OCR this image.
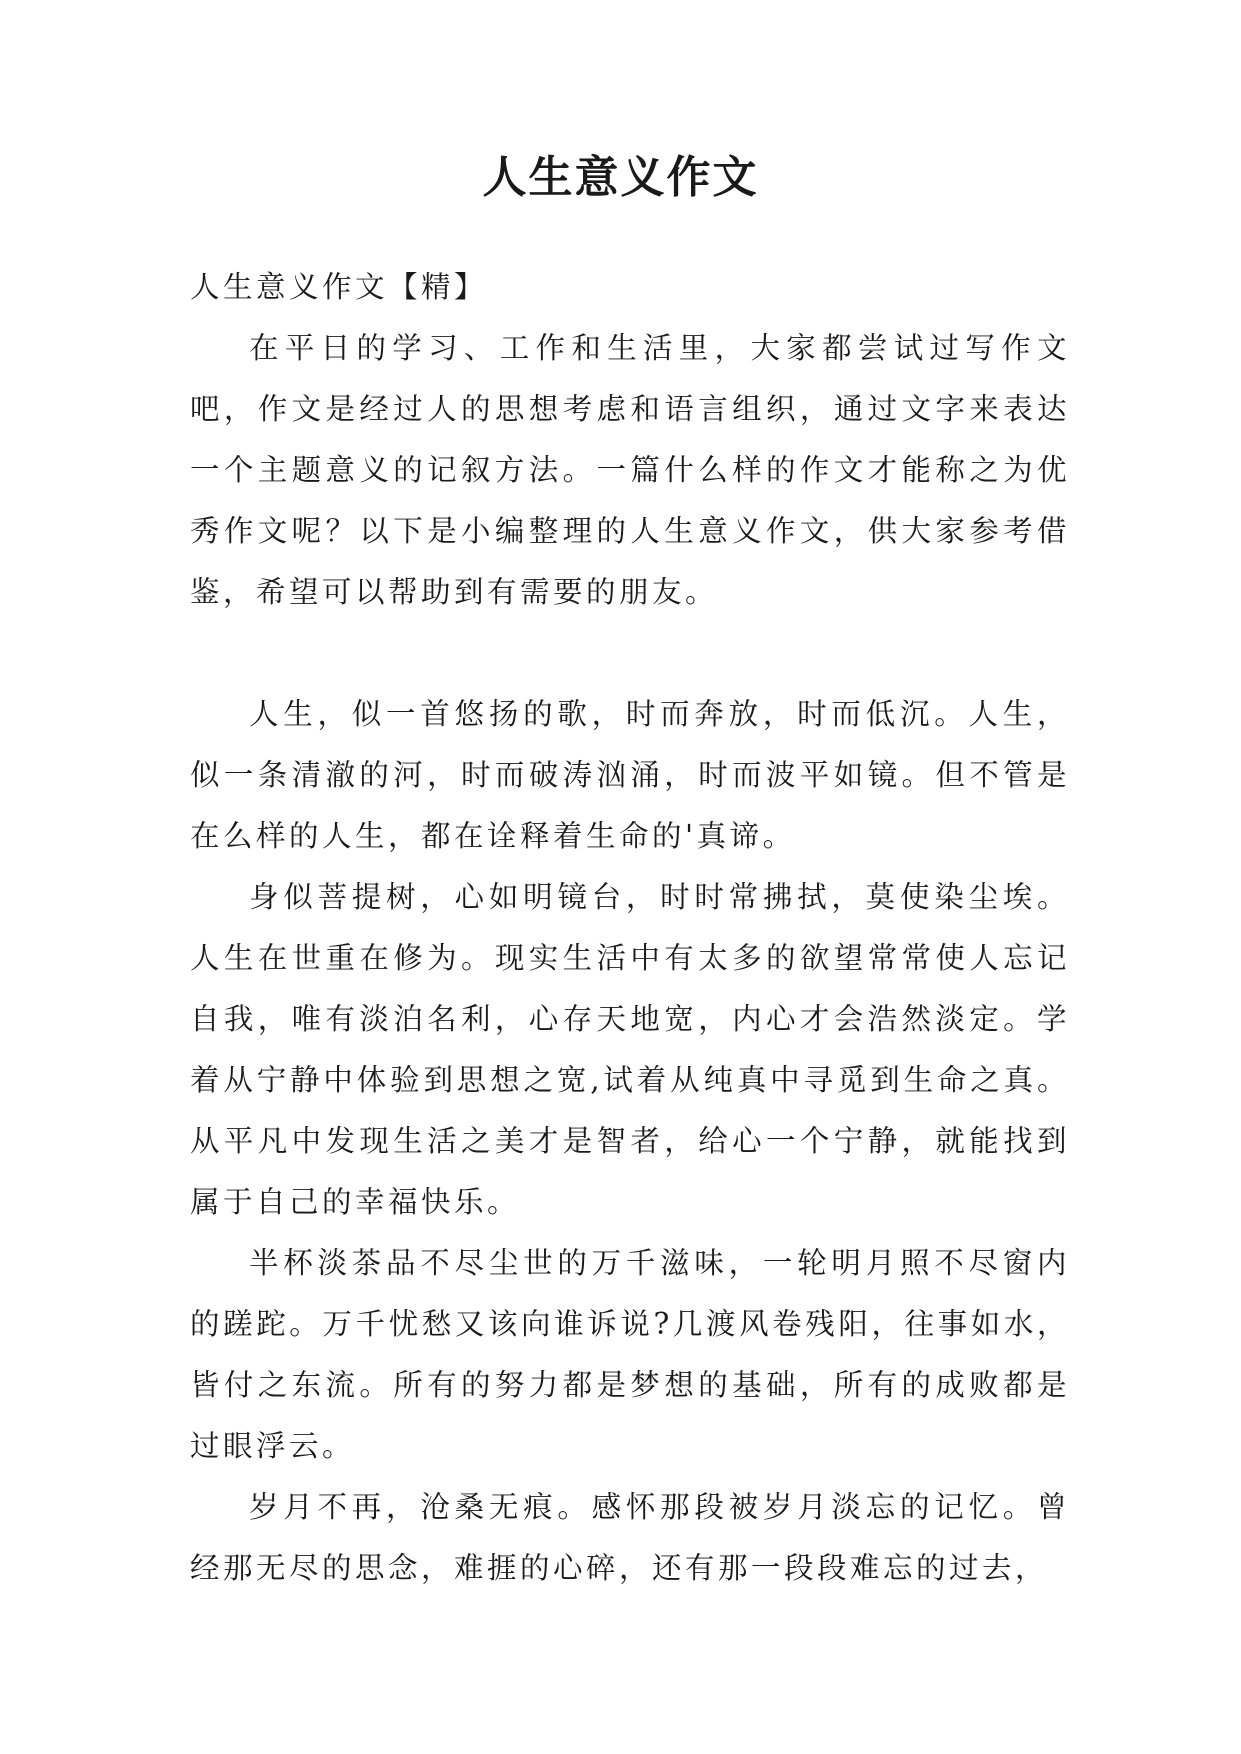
人生意义作文

人生意义作文【精】

在平日的学习、工作和生活里，大家都尝试过写作文吧，作文是经过人的思想考虑和语言组织，通过文字来表达一个主题意义的记叙方法。一篇什么样的作文才能称之为优秀作文呢？以下是小编整理的人生意义作文，供大家参考借鉴，希望可以帮助到有需要的朋友。

人生，似一首悠扬的歌，时而奔放，时而低沉。人生，似一条清澈的河，时而破涛汹涌，时而波平如镜。但不管是在么样的人生，都在诠释着生命的'真谛。

身似菩提树，心如明镜台，时时常拂拭，莫使染尘埃。人生在世重在修为。现实生活中有太多的欲望常常使人忘记自我，唯有淡泊名利，心存天地宽，内心才会浩然淡定。学着从宁静中体验到思想之宽,试着从纯真中寻觅到生命之真。从平凡中发现生活之美才是智者，给心一个宁静，就能找到属于自己的幸福快乐。

半杯淡茶品不尽尘世的万千滋味，一轮明月照不尽窗内的蹉跎。万千忧愁又该向谁诉说?几渡风卷残阳，往事如水，皆付之东流。所有的努力都是梦想的基础，所有的成败都是过眼浮云。

岁月不再，沧桑无痕。感怀那段被岁月淡忘的记忆。曾经那无尽的思念，难捱的心碎，还有那一段段难忘的过去，
